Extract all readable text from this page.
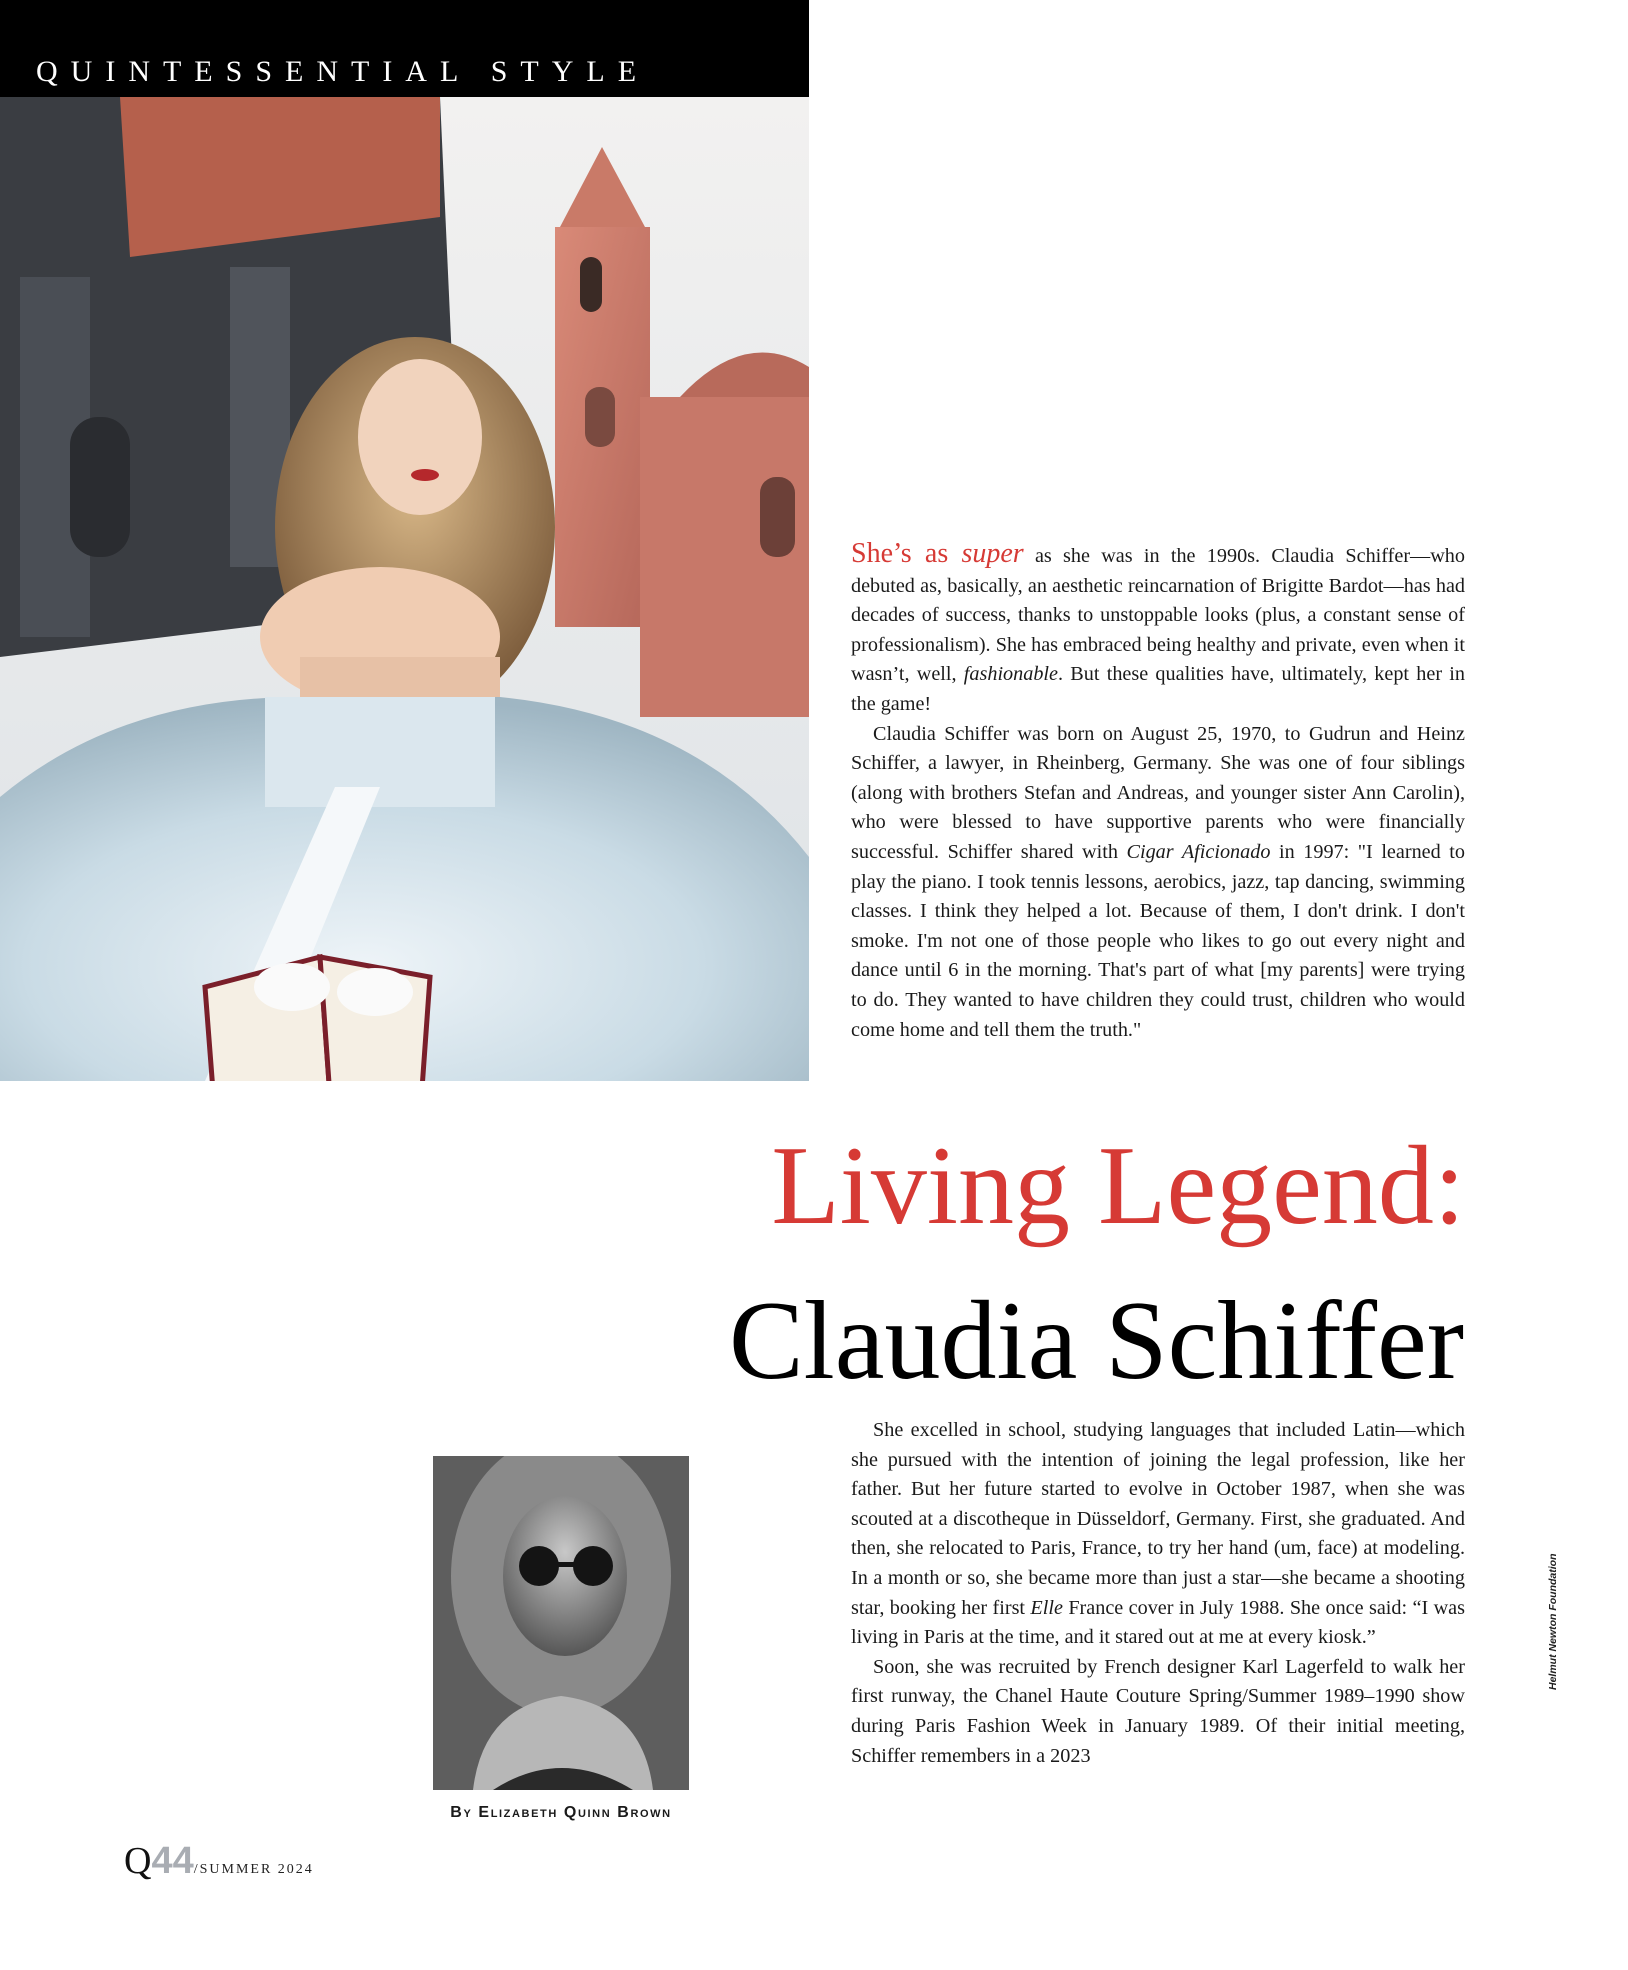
QUINTESSENTIAL STYLE

She’s as super as she was in the 1990s. Claudia Schiffer—who debuted as, basically, an aesthetic reincarnation of Brigitte Bardot—has had decades of success, thanks to unstoppable looks (plus, a constant sense of professionalism). She has embraced being healthy and private, even when it wasn’t, well, fashionable. But these qualities have, ultimately, kept her in the game!

Claudia Schiffer was born on August 25, 1970, to Gudrun and Heinz Schiffer, a lawyer, in Rheinberg, Germany. She was one of four siblings (along with brothers Stefan and Andreas, and younger sister Ann Carolin), who were blessed to have supportive parents who were financially successful. Schiffer shared with Cigar Aficionado in 1997: "I learned to play the piano. I took tennis lessons, aerobics, jazz, tap dancing, swimming classes. I think they helped a lot. Because of them, I don't drink. I don't smoke. I'm not one of those people who likes to go out every night and dance until 6 in the morning. That's part of what [my parents] were trying to do. They wanted to have children they could trust, children who would come home and tell them the truth."

Living Legend:
Claudia Schiffer
By Elizabeth Quinn Brown

She excelled in school, studying languages that included Latin—which she pursued with the intention of joining the legal profession, like her father. But her future started to evolve in October 1987, when she was scouted at a discotheque in Düsseldorf, Germany. First, she graduated. And then, she relocated to Paris, France, to try her hand (um, face) at modeling. In a month or so, she became more than just a star—she became a shooting star, booking her first Elle France cover in July 1988. She once said: “I was living in Paris at the time, and it stared out at me at every kiosk.”

Soon, she was recruited by French designer Karl Lagerfeld to walk her first runway, the Chanel Haute Couture Spring/Summer 1989–1990 show during Paris Fashion Week in January 1989. Of their initial meeting, Schiffer remembers in a 2023

Helmut Newton Foundation
Q44/SUMMER 2024
